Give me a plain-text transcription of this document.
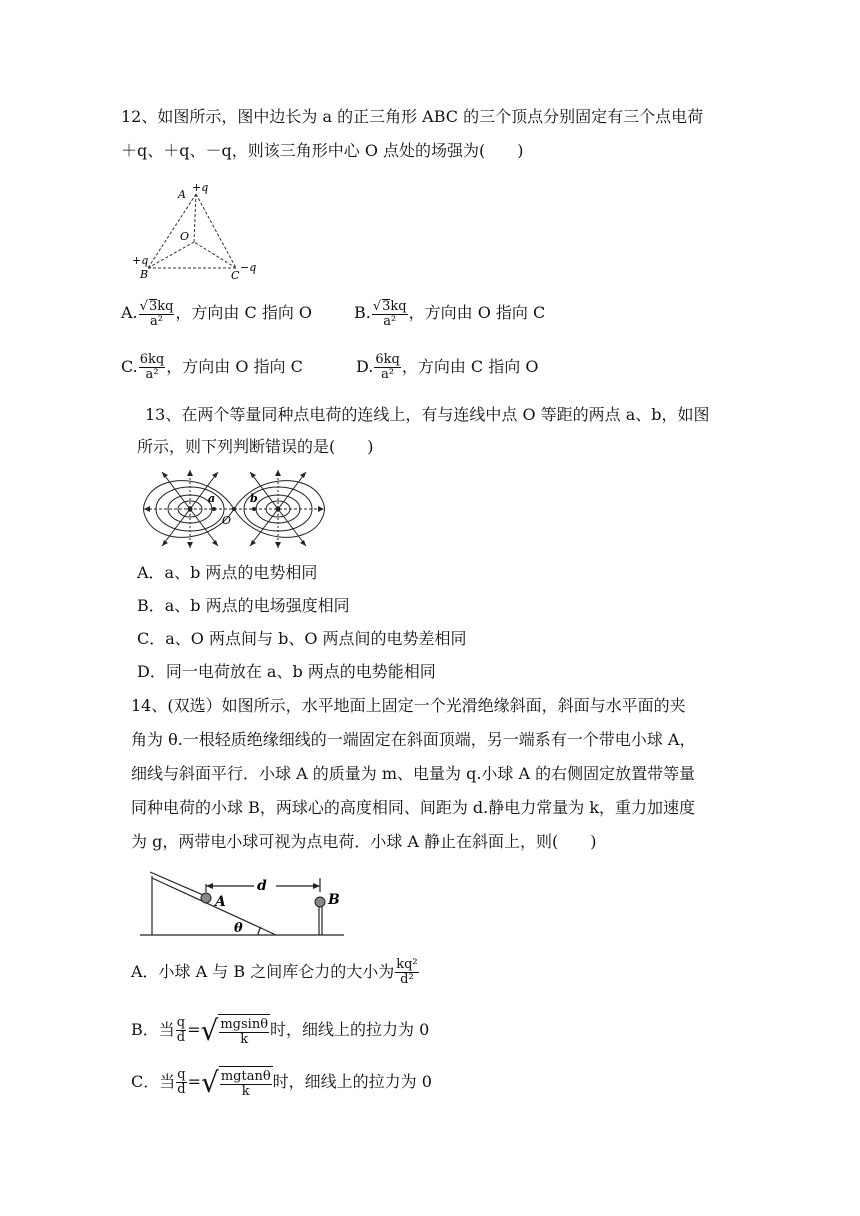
12、如图所示，图中边长为 a 的正三角形 ABC 的三个顶点分别固定有三个点电荷
＋q、＋q、－q，则该三角形中心 O 点处的场强为(　　)
A
+q
O
+q
B	C
−q
A. $\frac{√3kq}{\text{a²}}$ ，方向由 C 指向 O	B. $\frac{√3kq}{\text{a²}}$ ，方向由 O 指向 C
C. $\frac{6kq}{\text{a²}}$ ，方向由 O 指向 C	D. $\frac{6kq}{\text{a²}}$ ，方向由 C 指向 O
13、在两个等量同种点电荷的连线上，有与连线中点 O 等距的两点 a、b，如图
所示，则下列判断错误的是(　　)
a	b
O
A．a、b 两点的电势相同
B．a、b 两点的电场强度相同
C．a、O 两点间与 b、O 两点间的电势差相同
D．同一电荷放在 a、b 两点的电势能相同
14、(双选）如图所示，水平地面上固定一个光滑绝缘斜面，斜面与水平面的夹
角为 θ.一根轻质绝缘细线的一端固定在斜面顶端，另一端系有一个带电小球 A，
细线与斜面平行．小球 A 的质量为 m、电量为 q.小球 A 的右侧固定放置带等量
同种电荷的小球 B，两球心的高度相同、间距为 d.静电力常量为 k，重力加速度
为 g，两带电小球可视为点电荷．小球 A 静止在斜面上，则(　　)
d
A	B
θ
A．小球 A 与 B 之间库仑力的大小为 $\frac{\text{kq²}}{\text{d²}}$
B．当 $\frac{q}{d}$ = √ $\frac{mgsin\theta}{k}$ 时，细线上的拉力为 0
C．当 $\frac{q}{d}$ = √ $\frac{mgtan\theta}{k}$ 时，细线上的拉力为 0
